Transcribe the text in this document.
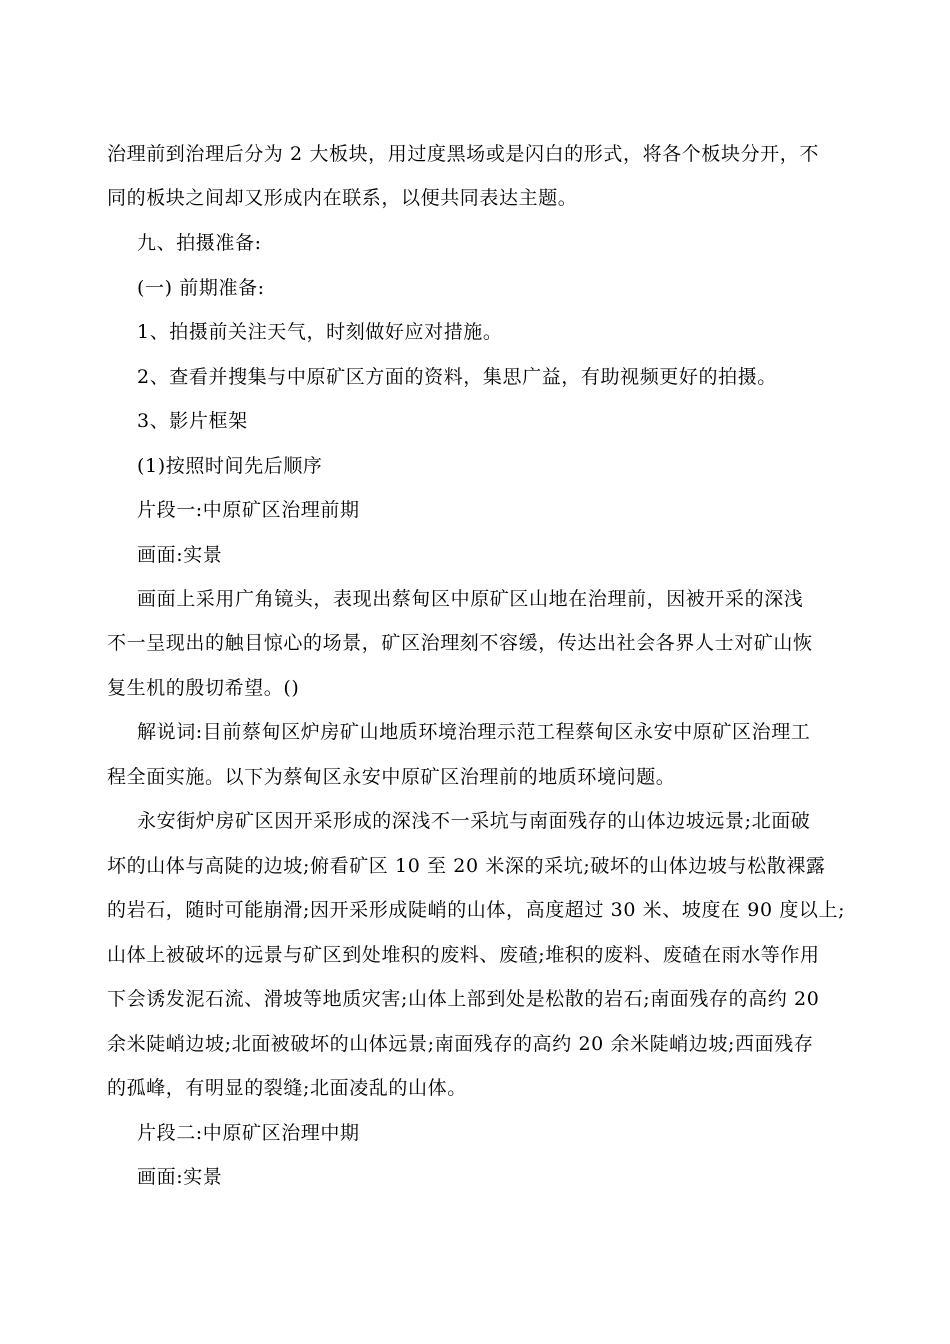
治理前到治理后分为 2 大板块，用过度黑场或是闪白的形式，将各个板块分开，不
同的板块之间却又形成内在联系，以便共同表达主题。
九、拍摄准备:
(一) 前期准备:
1、拍摄前关注天气，时刻做好应对措施。
2、查看并搜集与中原矿区方面的资料，集思广益，有助视频更好的拍摄。
3、影片框架
(1)按照时间先后顺序
片段一:中原矿区治理前期
画面:实景
画面上采用广角镜头，表现出蔡甸区中原矿区山地在治理前，因被开采的深浅
不一呈现出的触目惊心的场景，矿区治理刻不容缓，传达出社会各界人士对矿山恢
复生机的殷切希望。()
解说词:目前蔡甸区炉房矿山地质环境治理示范工程蔡甸区永安中原矿区治理工
程全面实施。以下为蔡甸区永安中原矿区治理前的地质环境问题。
永安街炉房矿区因开采形成的深浅不一采坑与南面残存的山体边坡远景;北面破
坏的山体与高陡的边坡;俯看矿区 10 至 20 米深的采坑;破坏的山体边坡与松散裸露
的岩石，随时可能崩滑;因开采形成陡峭的山体，高度超过 30 米、坡度在 90 度以上;
山体上被破坏的远景与矿区到处堆积的废料、废碴;堆积的废料、废碴在雨水等作用
下会诱发泥石流、滑坡等地质灾害;山体上部到处是松散的岩石;南面残存的高约 20
余米陡峭边坡;北面被破坏的山体远景;南面残存的高约 20 余米陡峭边坡;西面残存
的孤峰，有明显的裂缝;北面凌乱的山体。
片段二:中原矿区治理中期
画面:实景
